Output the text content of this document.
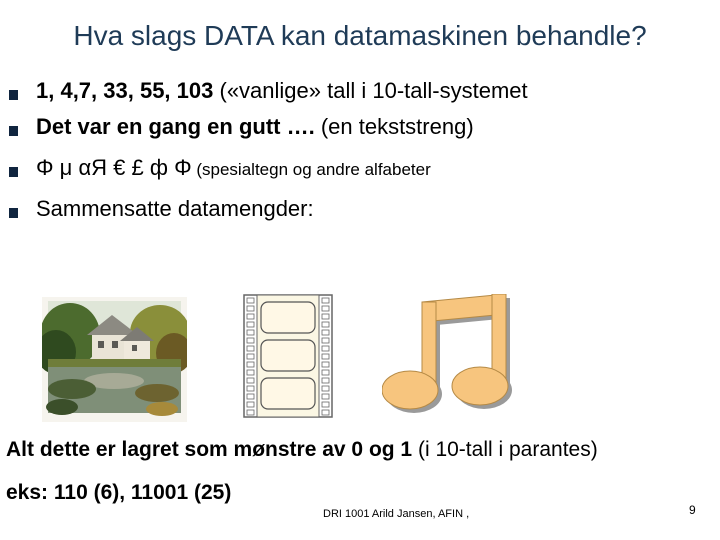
Hva slags DATA kan datamaskinen behandle?
1, 4,7, 33, 55, 103 («vanlige» tall i 10-tall-systemet
Det var en gang en gutt …. (en tekststreng)
Φ μ αЯ € £ ф Φ (spesialtegn og andre alfabeter
Sammensatte datamengder:
Alt dette er lagret som mønstre av 0 og 1 (i 10-tall i parantes)
eks: 110 (6), 11001 (25)
DRI 1001 Arild Jansen, AFIN ,	9
